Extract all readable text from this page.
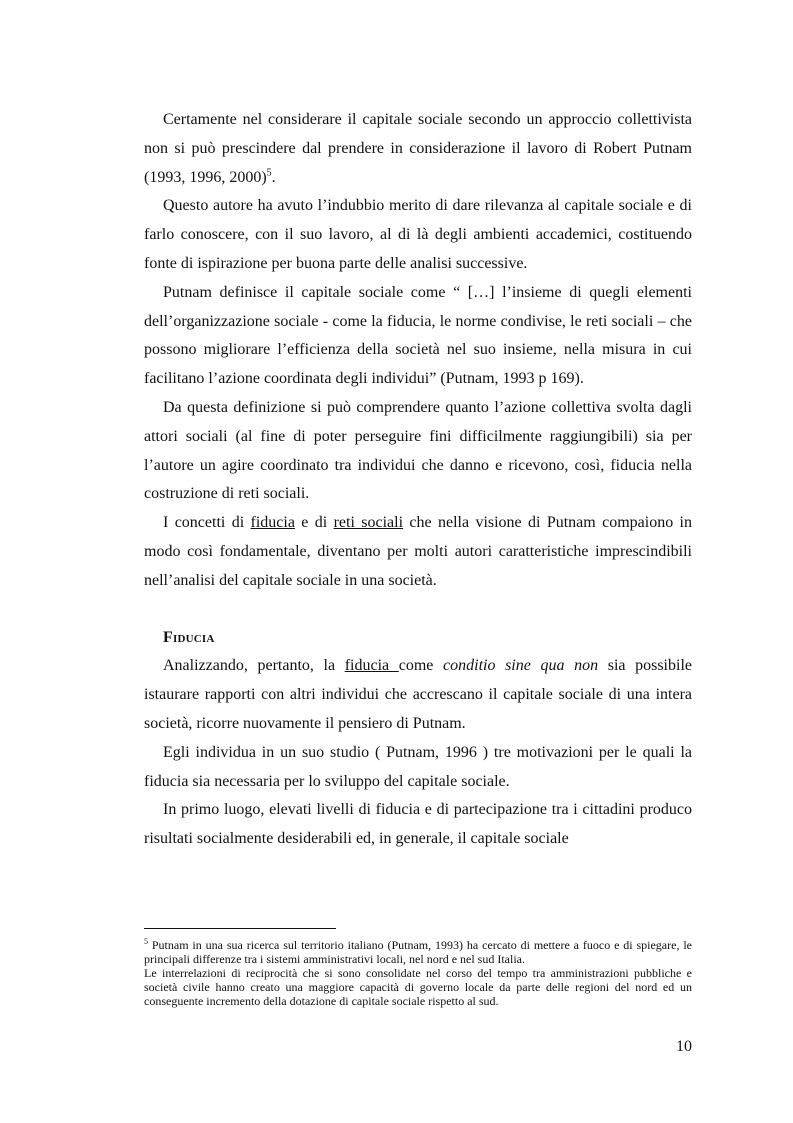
Certamente nel considerare il capitale sociale secondo un approccio collettivista non si può prescindere dal prendere in considerazione il lavoro di Robert Putnam (1993, 1996, 2000)$^5$.

Questo autore ha avuto l’indubbio merito di dare rilevanza al capitale sociale e di farlo conoscere, con il suo lavoro, al di là degli ambienti accademici, costituendo fonte di ispirazione per buona parte delle analisi successive.

Putnam definisce il capitale sociale come “ […] l’insieme di quegli elementi dell’organizzazione sociale - come la fiducia, le norme condivise, le reti sociali – che possono migliorare l’efficienza della società nel suo insieme, nella misura in cui facilitano l’azione coordinata degli individui” (Putnam, 1993 p 169).

Da questa definizione si può comprendere quanto l’azione collettiva svolta dagli attori sociali (al fine di poter perseguire fini difficilmente raggiungibili) sia per l’autore un agire coordinato tra individui che danno e ricevono, così, fiducia nella costruzione di reti sociali.

I concetti di fiducia e di reti sociali che nella visione di Putnam compaiono in modo così fondamentale, diventano per molti autori caratteristiche imprescindibili nell’analisi del capitale sociale in una società.

Fiducia

Analizzando, pertanto, la fiducia come conditio sine qua non sia possibile istaurare rapporti con altri individui che accrescano il capitale sociale di una intera società, ricorre nuovamente il pensiero di Putnam.

Egli individua in un suo studio ( Putnam, 1996 ) tre motivazioni per le quali la fiducia sia necessaria per lo sviluppo del capitale sociale.

In primo luogo, elevati livelli di fiducia e di partecipazione tra i cittadini produco risultati socialmente desiderabili ed, in generale, il capitale sociale

$^5$ Putnam in una sua ricerca sul territorio italiano (Putnam, 1993) ha cercato di mettere a fuoco e di spiegare, le principali differenze tra i sistemi amministrativi locali, nel nord e nel sud Italia.

Le interrelazioni di reciprocità che si sono consolidate nel corso del tempo tra amministrazioni pubbliche e società civile hanno creato una maggiore capacità di governo locale da parte delle regioni del nord ed un conseguente incremento della dotazione di capitale sociale rispetto al sud.

10
